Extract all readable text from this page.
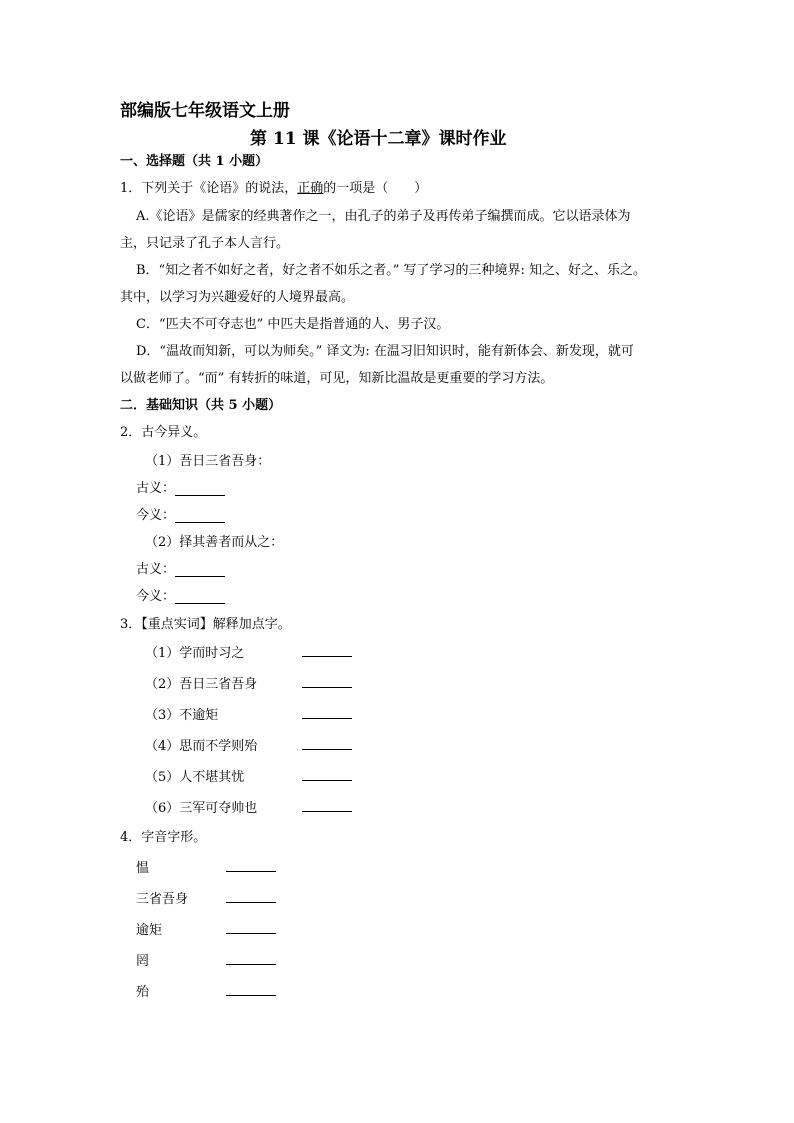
部编版七年级语文上册
第 11 课《论语十二章》课时作业
一、选择题（共 1 小题）
1．下列关于《论语》的说法，正确的一项是（　　）
A.《论语》是儒家的经典著作之一，由孔子的弟子及再传弟子编撰而成。它以语录体为
主，只记录了孔子本人言行。
B．“知之者不如好之者，好之者不如乐之者。” 写了学习的三种境界: 知之、好之、乐之。
其中，以学习为兴趣爱好的人境界最高。
C．“匹夫不可夺志也” 中匹夫是指普通的人、男子汉。
D．“温故而知新，可以为师矣。” 译文为: 在温习旧知识时，能有新体会、新发现，就可
以做老师了。“而” 有转折的味道，可见，知新比温故是更重要的学习方法。
二．基础知识（共 5 小题）
2．古今异义。
（1）吾日三省吾身：
古义：
今义：
（2）择其善者而从之：
古义：
今义：
3．【重点实词】解释加点字。
（1）学而时习之
（2）吾日三省吾身
（3）不逾矩
（4）思而不学则殆
（5）人不堪其忧
（6）三军可夺帅也
4．字音字形。
愠
三省吾身
逾矩
罔
殆
